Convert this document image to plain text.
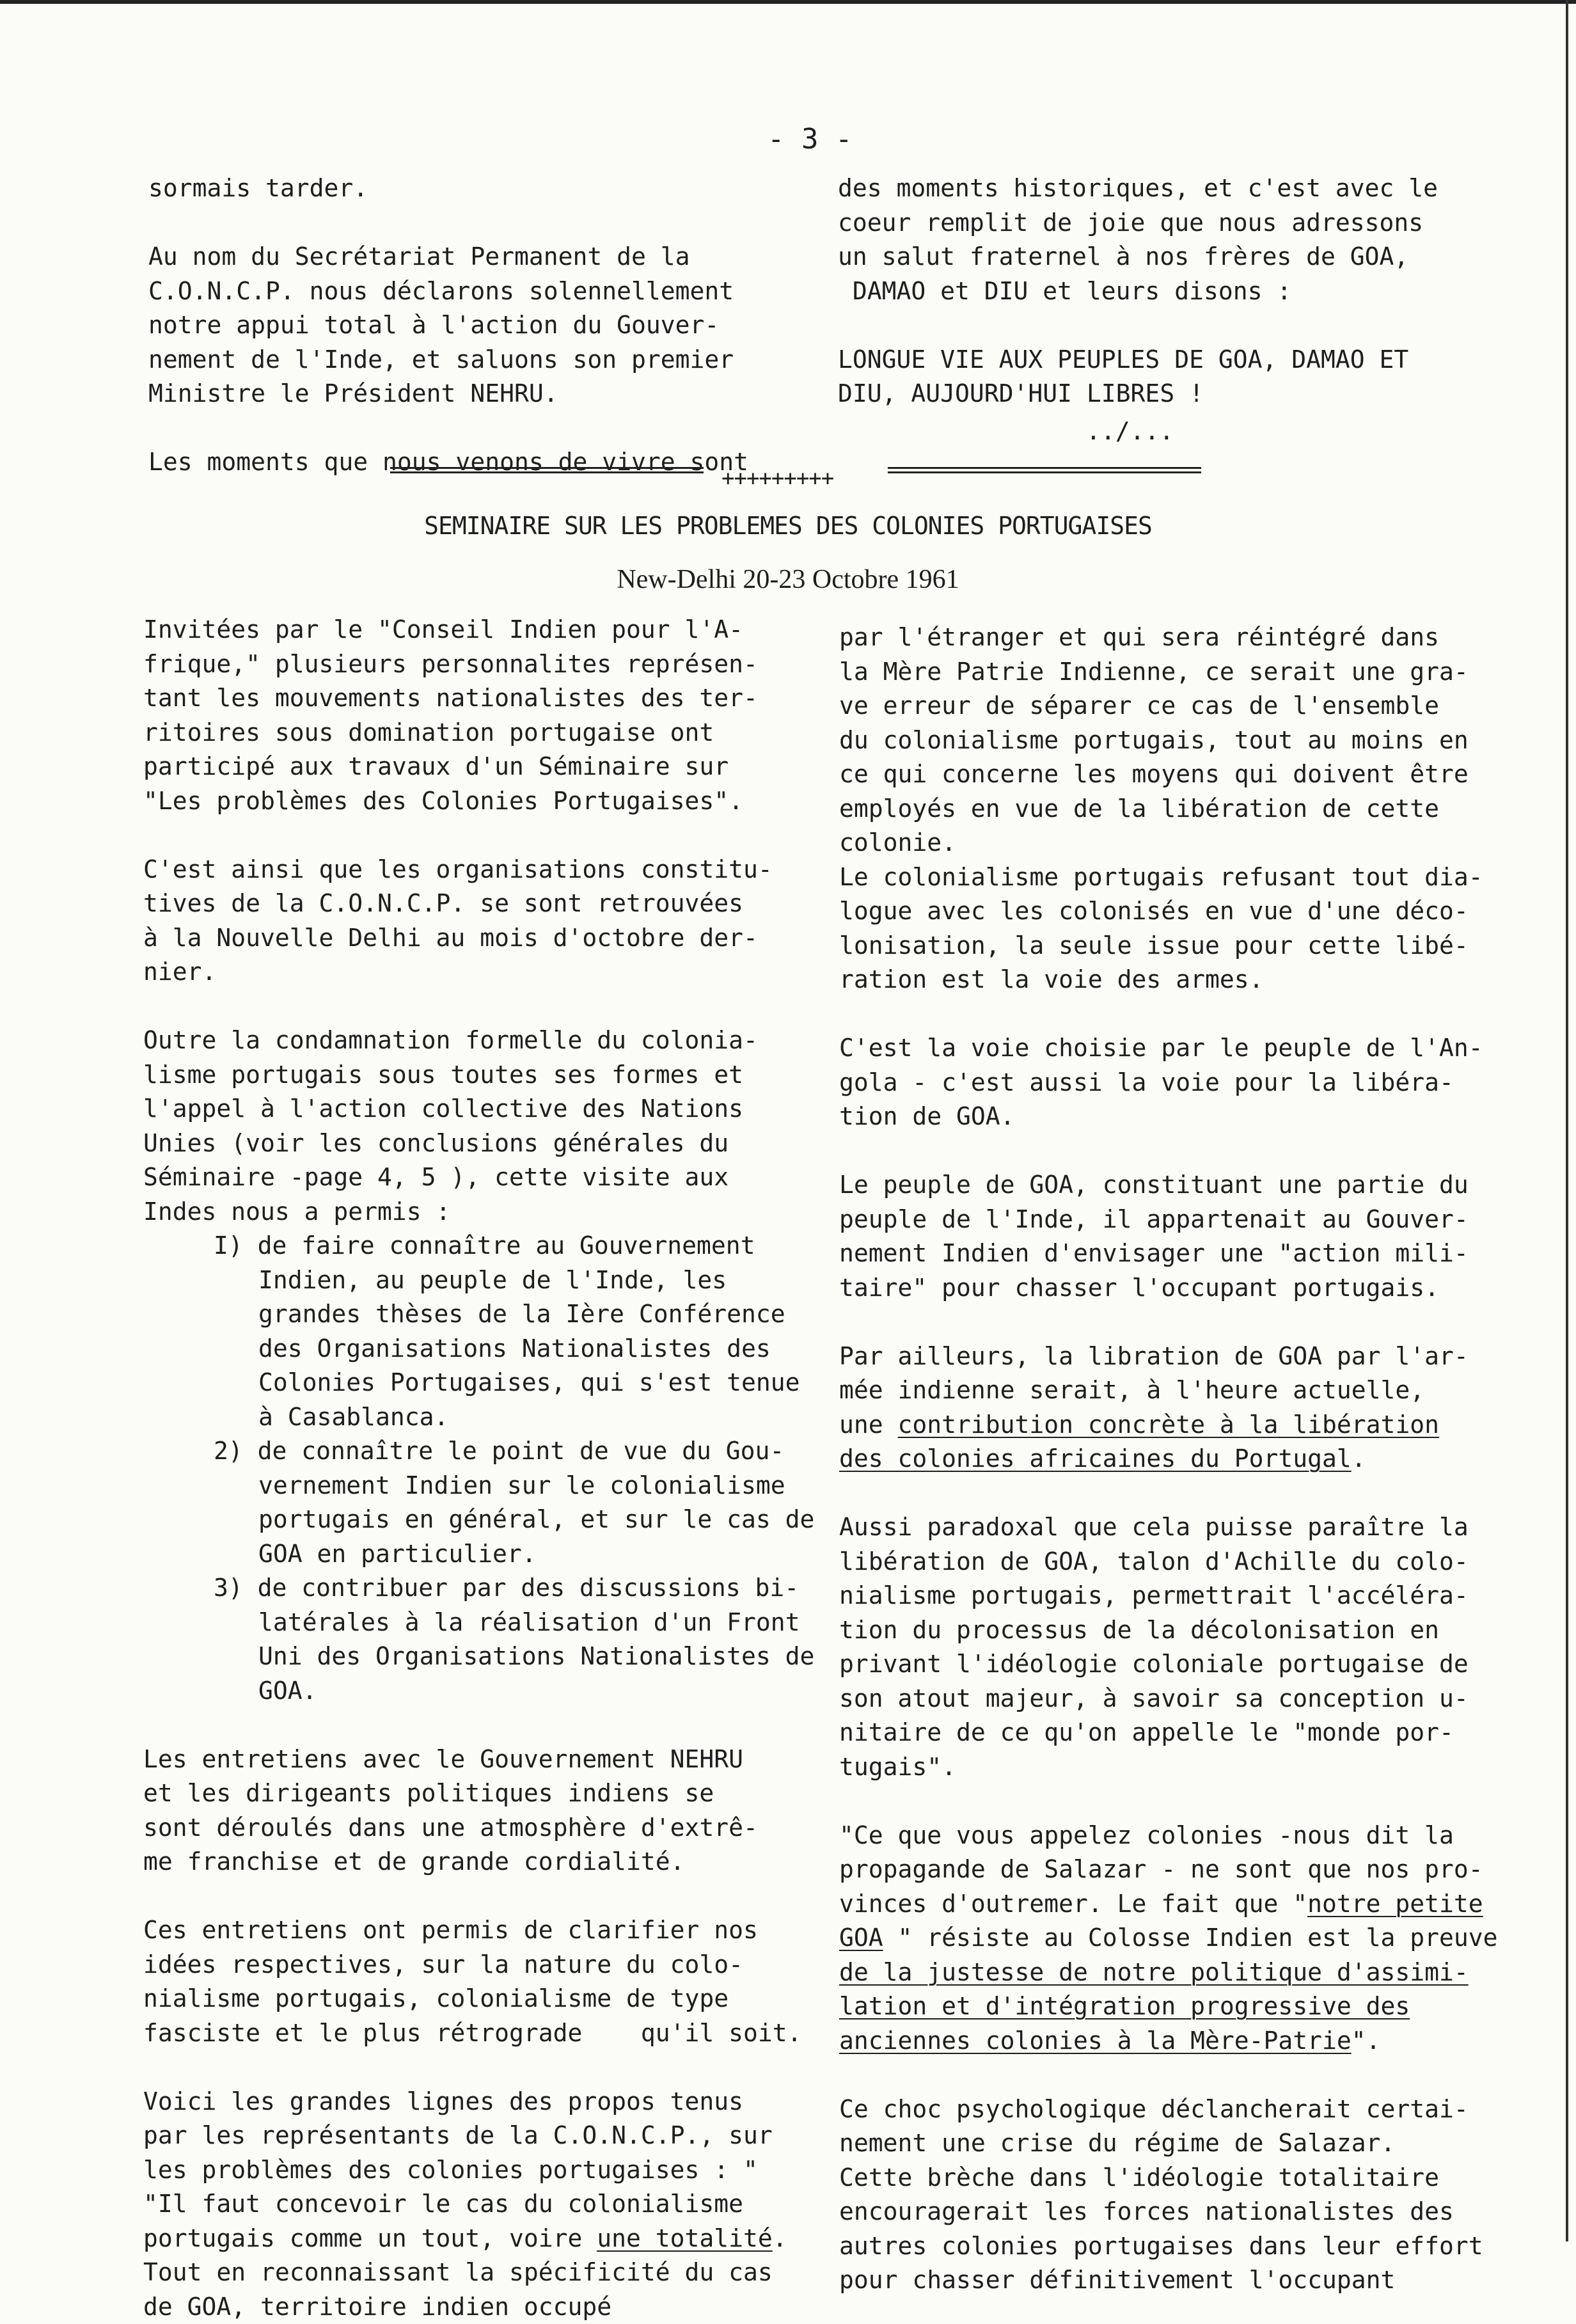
- 3 -
sormais tarder.
Au nom du Secrétariat Permanent de la
C.O.N.C.P. nous déclarons solennellement
notre appui total à l'action du Gouver-
nement de l'Inde, et saluons son premier
Ministre le Président NEHRU.
Les moments que nous venons de vivre sont
des moments historiques, et c'est avec le
coeur remplit de joie que nous adressons
un salut fraternel à nos frères de GOA,
DAMAO et DIU et leurs disons :
LONGUE VIE AUX PEUPLES DE GOA, DAMAO ET
DIU, AUJOURD'HUI LIBRES !
../...
+++++++++
SEMINAIRE SUR LES PROBLEMES DES COLONIES PORTUGAISES
New-Delhi 20-23 Octobre 1961
Invitées par le "Conseil Indien pour l'A-
frique," plusieurs personnalites représen-
tant les mouvements nationalistes des ter-
ritoires sous domination portugaise ont
participé aux travaux d'un Séminaire sur
"Les problèmes des Colonies Portugaises".
C'est ainsi que les organisations constitu-
tives de la C.O.N.C.P. se sont retrouvées
à la Nouvelle Delhi au mois d'octobre der-
nier.
Outre la condamnation formelle du colonia-
lisme portugais sous toutes ses formes et
l'appel à l'action collective des Nations
Unies (voir les conclusions générales du
Séminaire -page 4, 5 ), cette visite aux
Indes nous a permis :
I) de faire connaître au Gouvernement
Indien, au peuple de l'Inde, les
grandes thèses de la Ière Conférence
des Organisations Nationalistes des
Colonies Portugaises, qui s'est tenue
à Casablanca.
2) de connaître le point de vue du Gou-
vernement Indien sur le colonialisme
portugais en général, et sur le cas de
GOA en particulier.
3) de contribuer par des discussions bi-
latérales à la réalisation d'un Front
Uni des Organisations Nationalistes de
GOA.
Les entretiens avec le Gouvernement NEHRU
et les dirigeants politiques indiens se
sont déroulés dans une atmosphère d'extrê-
me franchise et de grande cordialité.
Ces entretiens ont permis de clarifier nos
idées respectives, sur la nature du colo-
nialisme portugais, colonialisme de type
fasciste et le plus rétrograde    qu'il soit.
Voici les grandes lignes des propos tenus
par les représentants de la C.O.N.C.P., sur
les problèmes des colonies portugaises : "
"Il faut concevoir le cas du colonialisme
portugais comme un tout, voire une totalité.
Tout en reconnaissant la spécificité du cas
de GOA, territoire indien occupé
par l'étranger et qui sera réintégré dans
la Mère Patrie Indienne, ce serait une gra-
ve erreur de séparer ce cas de l'ensemble
du colonialisme portugais, tout au moins en
ce qui concerne les moyens qui doivent être
employés en vue de la libération de cette
colonie.
Le colonialisme portugais refusant tout dia-
logue avec les colonisés en vue d'une déco-
lonisation, la seule issue pour cette libé-
ration est la voie des armes.
C'est la voie choisie par le peuple de l'An-
gola - c'est aussi la voie pour la libéra-
tion de GOA.
Le peuple de GOA, constituant une partie du
peuple de l'Inde, il appartenait au Gouver-
nement Indien d'envisager une "action mili-
taire" pour chasser l'occupant portugais.
Par ailleurs, la libration de GOA par l'ar-
mée indienne serait, à l'heure actuelle,
une contribution concrète à la libération
des colonies africaines du Portugal.
Aussi paradoxal que cela puisse paraître la
libération de GOA, talon d'Achille du colo-
nialisme portugais, permettrait l'accéléra-
tion du processus de la décolonisation en
privant l'idéologie coloniale portugaise de
son atout majeur, à savoir sa conception u-
nitaire de ce qu'on appelle le "monde por-
tugais".
"Ce que vous appelez colonies -nous dit la
propagande de Salazar - ne sont que nos pro-
vinces d'outremer. Le fait que "notre petite
GOA " résiste au Colosse Indien est la preuve
de la justesse de notre politique d'assimi-
lation et d'intégration progressive des
anciennes colonies à la Mère-Patrie".
Ce choc psychologique déclancherait certai-
nement une crise du régime de Salazar.
Cette brèche dans l'idéologie totalitaire
encouragerait les forces nationalistes des
autres colonies portugaises dans leur effort
pour chasser définitivement l'occupant
